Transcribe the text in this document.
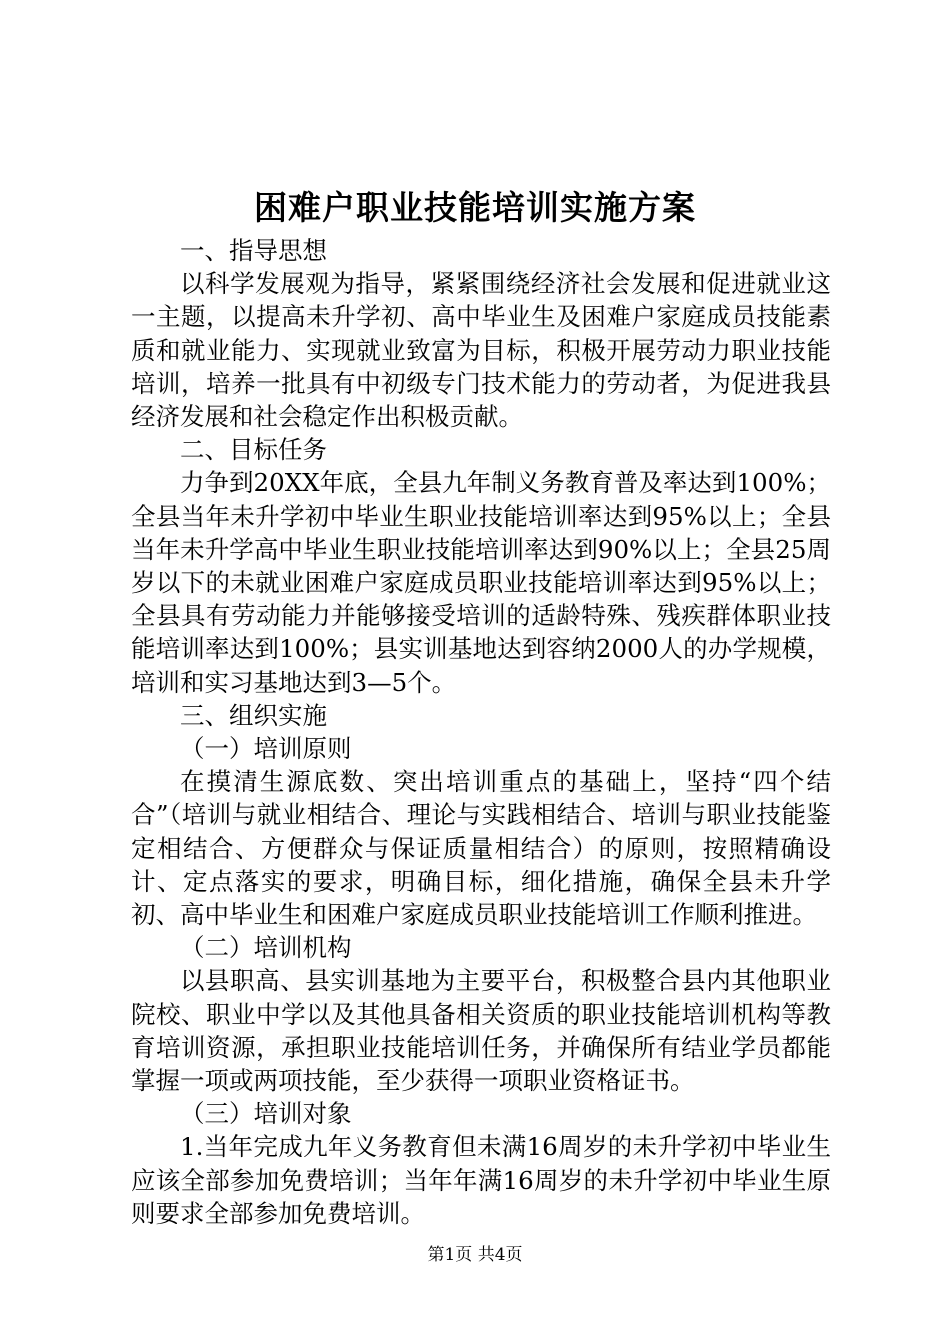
困难户职业技能培训实施方案

一、指导思想

以科学发展观为指导，紧紧围绕经济社会发展和促进就业这一主题，以提高未升学初、高中毕业生及困难户家庭成员技能素质和就业能力、实现就业致富为目标，积极开展劳动力职业技能培训，培养一批具有中初级专门技术能力的劳动者，为促进我县经济发展和社会稳定作出积极贡献。

二、目标任务

力争到20XX年底，全县九年制义务教育普及率达到100%；全县当年未升学初中毕业生职业技能培训率达到95%以上；全县当年未升学高中毕业生职业技能培训率达到90%以上；全县25周岁以下的未就业困难户家庭成员职业技能培训率达到95%以上；全县具有劳动能力并能够接受培训的适龄特殊、残疾群体职业技能培训率达到100%；县实训基地达到容纳2000人的办学规模，培训和实习基地达到3—5个。

三、组织实施

（一）培训原则

在摸清生源底数、突出培训重点的基础上，坚持“四个结合”（培训与就业相结合、理论与实践相结合、培训与职业技能鉴定相结合、方便群众与保证质量相结合）的原则，按照精确设计、定点落实的要求，明确目标，细化措施，确保全县未升学初、高中毕业生和困难户家庭成员职业技能培训工作顺利推进。

（二）培训机构

以县职高、县实训基地为主要平台，积极整合县内其他职业院校、职业中学以及其他具备相关资质的职业技能培训机构等教育培训资源，承担职业技能培训任务，并确保所有结业学员都能掌握一项或两项技能，至少获得一项职业资格证书。

（三）培训对象

1.当年完成九年义务教育但未满16周岁的未升学初中毕业生应该全部参加免费培训；当年年满16周岁的未升学初中毕业生原则要求全部参加免费培训。

第1页 共4页
